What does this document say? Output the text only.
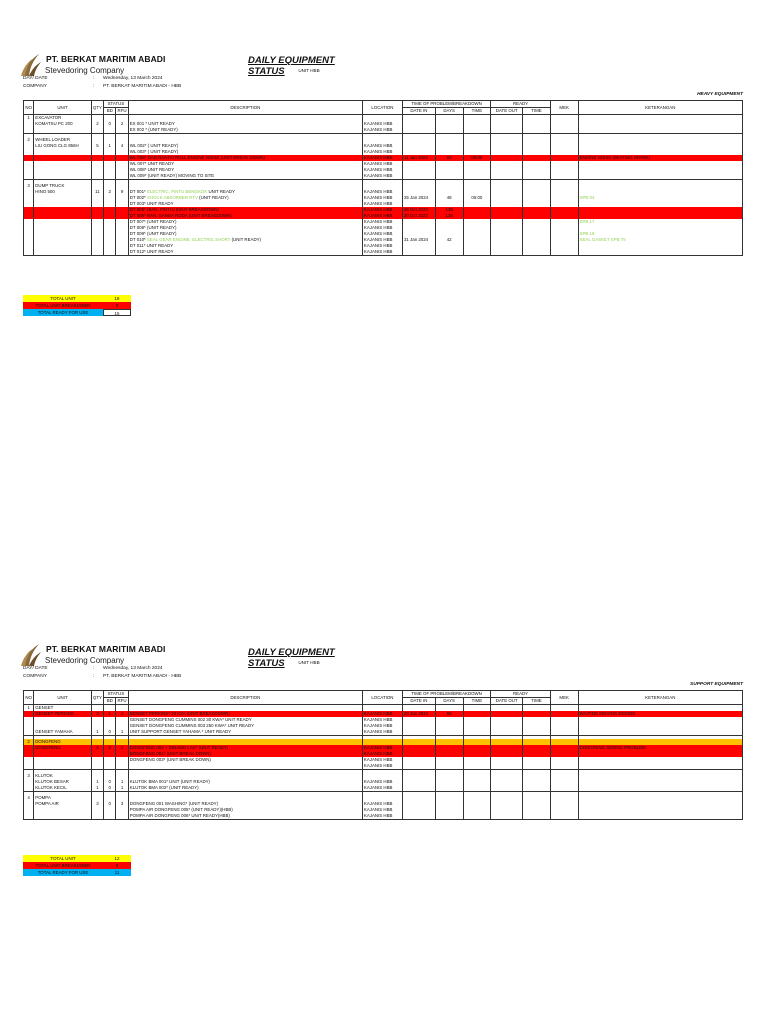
PT. BERKAT MARITIM ABADI
Stevedoring Company
DAILY EQUIPMENT STATUS	UNIT HBB
DAY/ DATE	: Wednesday, 13 March 2024
COMPANY	: PT. BERKAT MARITIM ABADI - HBB
HEAVY EQUIPMENT
NO	UNIT	QTY	STATUS		DESCRIPTION	LOCATION	TIME OF PROBLEM/BREAKDOWN			READY		MEK	KETERANGAN
			BD	RFU			DATE IN	DAYS	TIME	DATE OUT	TIME		
1	EXCAVATOR												
	KOMATSU PC 200	2	0	2	EX 001 * UNIT READY	KAJANIS HBB							
					EX 002 * (UNIT READY)	KAJANIS HBB							

2	WHEEL LOADER												
	LIU GONG CLG 856H	5	1	4	WL 002* ( UNIT READY)	KAJANIS HBB							
					WL 003* ( UNIT READY)	KAJANIS HBB							
					WL 006* DAN RANTAI ROLL ENGINE NOISE (UNIT BREAK DOWN)	KAJANIS HBB	11 Jan 2024	63	09:00				ENGINE NOISE (WAITING SPARE)
					WL 007* UNIT READY	KAJANIS HBB							
					WL 008* UNIT READY	KAJANIS HBB							
					WL 009* (UNIT READY) MOVING TO SITE	KAJANIS HBB							

3	DUMP TRUCK												
	HINO 500	11	2	9	DT 001* ELECTRIC, PINTU BENGKOK UNIT READY	KAJANIS HBB							
					DT 002* SHOCK ABSORBER RTV (UNIT READY)	KAJANIS HBB	25 Jan 2024	48	06:00				SPB 04
					DT 003* UNIT READY	KAJANIS HBB							
					DT 005* (BAN, PINTU) (UNIT BREAKDOWN)	KAJANIS HBB	26 Oct 2023	139					
					DT 006* BAN, GANDA RODA (UNIT BREAKDOWN)	KAJANIS HBB	30 Oct 2023	135					
					DT 007* (UNIT READY)	KAJANIS HBB							SPB 17
					DT 008* (UNIT READY)	KAJANIS HBB							
					DT 009* (UNIT READY)	KAJANIS HBB							SPB 18
					DT 010* SEAL GEAR ENGINE, ELECTRIC SHORT (UNIT READY)	KAJANIS HBB	31 Jan 2024	42					SEAL GASKET SPB 75
					DT 011* UNIT READY	KAJANIS HBB							
					DT 012* UNIT READY	KAJANIS HBB							
TOTAL UNIT	18
TOTAL UNIT BREAKDOWN	3
TOTAL READY FOR USE	15
PT. BERKAT MARITIM ABADI
Stevedoring Company
DAILY EQUIPMENT STATUS	UNIT HBB
DAY/ DATE	: Wednesday, 13 March 2024
COMPANY	: PT. BERKAT MARITIM ABADI - HBB
SUPPORT EQUIPMENT
NO	UNIT	QTY	STATUS		DESCRIPTION	LOCATION	TIME OF PROBLEM/BREAKDOWN			READY		MEK	KETERANGAN
			BD	RFU			DATE IN	DAYS	TIME	DATE OUT	TIME		
1	GENSET												
	GENSET PERKINS	3	1	2	GENSET PERKINS* 15 KVA (UNIT BREAKDOWN)	KAJANIS HBB	23 Jan 2024	50					WAITING MOVING ENGINE
					GENSET DONGFENG CUMMINS 002 30 KWA* UNIT READY	KAJANIS HBB							
					GENSET DONGFENG CUMMINS 003 250 KWA* UNIT READY	KAJANIS HBB							
	GENSET YAMAHA	1	0	1	UNIT SUPPORT GENSET YAHAMA * UNIT READY	KAJANIS HBB							

2	DONGFENG												
	DONGFENG	4	2	2	DONGFENG 002 + DINAMO LAS* (UNIT READY)	KAJANIS HBB							DONGFENG SERING PROBLEM
					DONGFENG 001* (UNIT BREAK DOWN)	KAJANIS HBB							
					DONGFENG 003* (UNIT BREAK DOWN)	KAJANIS HBB							
						KAJANIS HBB							

3	KLUTOK												
	KLUTOK BESAR	1	0	1	KLUTOK BMA 001* UNIT (UNIT READY)	KAJANIS HBB							
	KLUTOK KECIL	1	0	1	KLUTOK BMA 002* (UNIT READY)	KAJANIS HBB							

4	POMPA												
	POMPA AIR	3	0	3	DONGFENG 001 WASHING* (UNIT READY)	KAJANIS HBB							
					POMPA AIR DONGFENG 005* (UNIT READY)(HBB)	KAJANIS HBB							
					POMPA AIR DONGFENG 006* UNIT READY(HBB)	KAJANIS HBB							
TOTAL UNIT	12
TOTAL UNIT BREAKDOWN	3
TOTAL READY FOR USE	11
